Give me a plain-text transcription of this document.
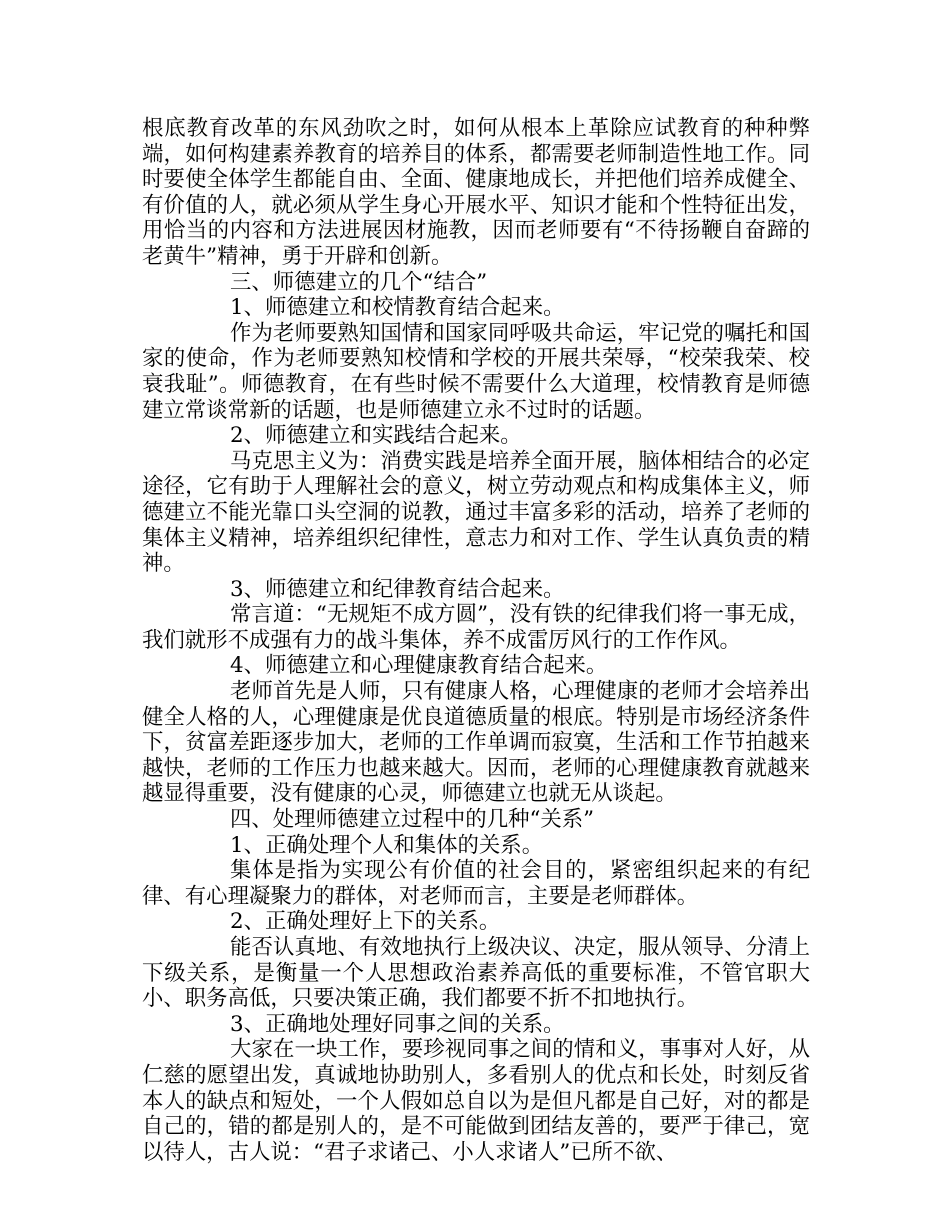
根底教育改革的东风劲吹之时，如何从根本上革除应试教育的种种弊端，如何构建素养教育的培养目的体系，都需要老师制造性地工作。同时要使全体学生都能自由、全面、健康地成长，并把他们培养成健全、有价值的人，就必须从学生身心开展水平、知识才能和个性特征出发，用恰当的内容和方法进展因材施教，因而老师要有“不待扬鞭自奋蹄的老黄牛”精神，勇于开辟和创新。

三、师德建立的几个“结合”

1、师德建立和校情教育结合起来。

作为老师要熟知国情和国家同呼吸共命运，牢记党的嘱托和国家的使命，作为老师要熟知校情和学校的开展共荣辱，“校荣我荣、校衰我耻”。师德教育，在有些时候不需要什么大道理，校情教育是师德建立常谈常新的话题，也是师德建立永不过时的话题。

2、师德建立和实践结合起来。

马克思主义为：消费实践是培养全面开展，脑体相结合的必定途径，它有助于人理解社会的意义，树立劳动观点和构成集体主义，师德建立不能光靠口头空洞的说教，通过丰富多彩的活动，培养了老师的集体主义精神，培养组织纪律性，意志力和对工作、学生认真负责的精神。

3、师德建立和纪律教育结合起来。

常言道：“无规矩不成方圆”，没有铁的纪律我们将一事无成，我们就形不成强有力的战斗集体，养不成雷厉风行的工作作风。

4、师德建立和心理健康教育结合起来。

老师首先是人师，只有健康人格，心理健康的老师才会培养出健全人格的人，心理健康是优良道德质量的根底。特别是市场经济条件下，贫富差距逐步加大，老师的工作单调而寂寞，生活和工作节拍越来越快，老师的工作压力也越来越大。因而，老师的心理健康教育就越来越显得重要，没有健康的心灵，师德建立也就无从谈起。

四、处理师德建立过程中的几种“关系”

1、正确处理个人和集体的关系。

集体是指为实现公有价值的社会目的，紧密组织起来的有纪律、有心理凝聚力的群体，对老师而言，主要是老师群体。

2、正确处理好上下的关系。

能否认真地、有效地执行上级决议、决定，服从领导、分清上下级关系，是衡量一个人思想政治素养高低的重要标准，不管官职大小、职务高低，只要决策正确，我们都要不折不扣地执行。

3、正确地处理好同事之间的关系。

大家在一块工作，要珍视同事之间的情和义，事事对人好，从仁慈的愿望出发，真诚地协助别人，多看别人的优点和长处，时刻反省本人的缺点和短处，一个人假如总自以为是但凡都是自己好，对的都是自己的，错的都是别人的，是不可能做到团结友善的，要严于律己，宽以待人，古人说：“君子求诸己、小人求诸人”已所不欲、
